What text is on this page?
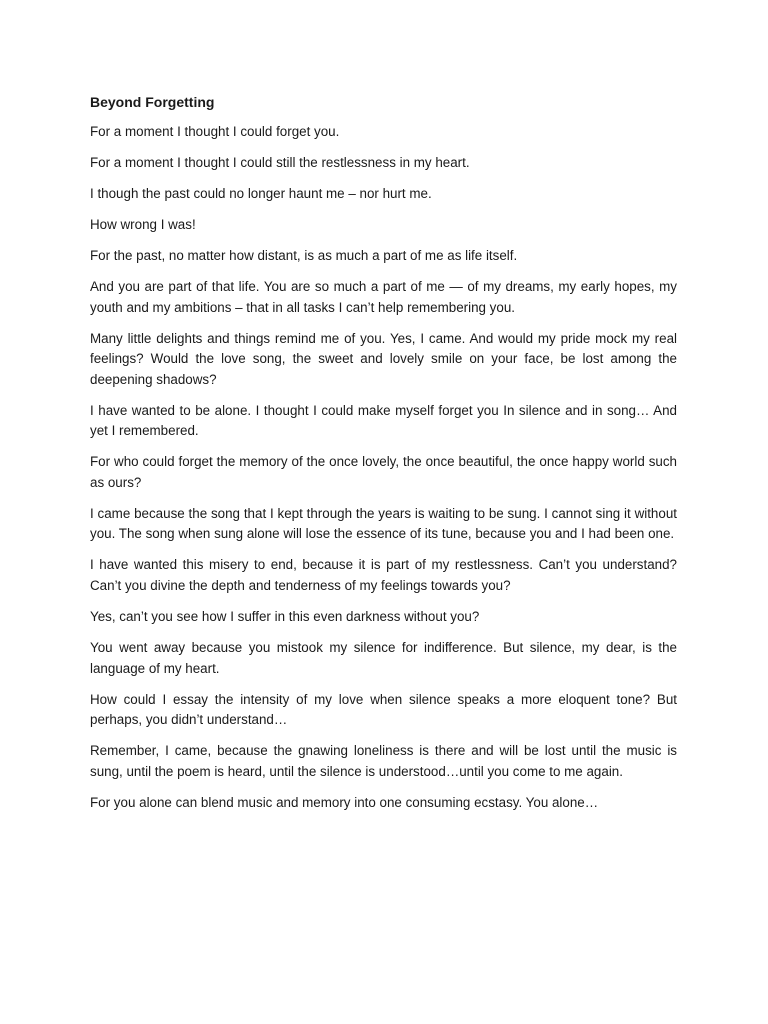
Beyond Forgetting

For a moment I thought I could forget you.

For a moment I thought I could still the restlessness in my heart.

I though the past could no longer haunt me – nor hurt me.

How wrong I was!

For the past, no matter how distant, is as much a part of me as life itself.

And you are part of that life. You are so much a part of me — of my dreams, my early hopes, my youth and my ambitions – that in all tasks I can’t help remembering you.

Many little delights and things remind me of you. Yes, I came. And would my pride mock my real feelings? Would the love song, the sweet and lovely smile on your face, be lost among the deepening shadows?

I have wanted to be alone. I thought I could make myself forget you In silence and in song… And yet I remembered.

For who could forget the memory of the once lovely, the once beautiful, the once happy world such as ours?

I came because the song that I kept through the years is waiting to be sung. I cannot sing it without you. The song when sung alone will lose the essence of its tune, because you and I had been one.

I have wanted this misery to end, because it is part of my restlessness. Can’t you understand? Can’t you divine the depth and tenderness of my feelings towards you?

Yes, can’t you see how I suffer in this even darkness without you?

You went away because you mistook my silence for indifference. But silence, my dear, is the language of my heart.

How could I essay the intensity of my love when silence speaks a more eloquent tone? But perhaps, you didn’t understand…

Remember, I came, because the gnawing loneliness is there and will be lost until the music is sung, until the poem is heard, until the silence is understood…until you come to me again.

For you alone can blend music and memory into one consuming ecstasy. You alone…
